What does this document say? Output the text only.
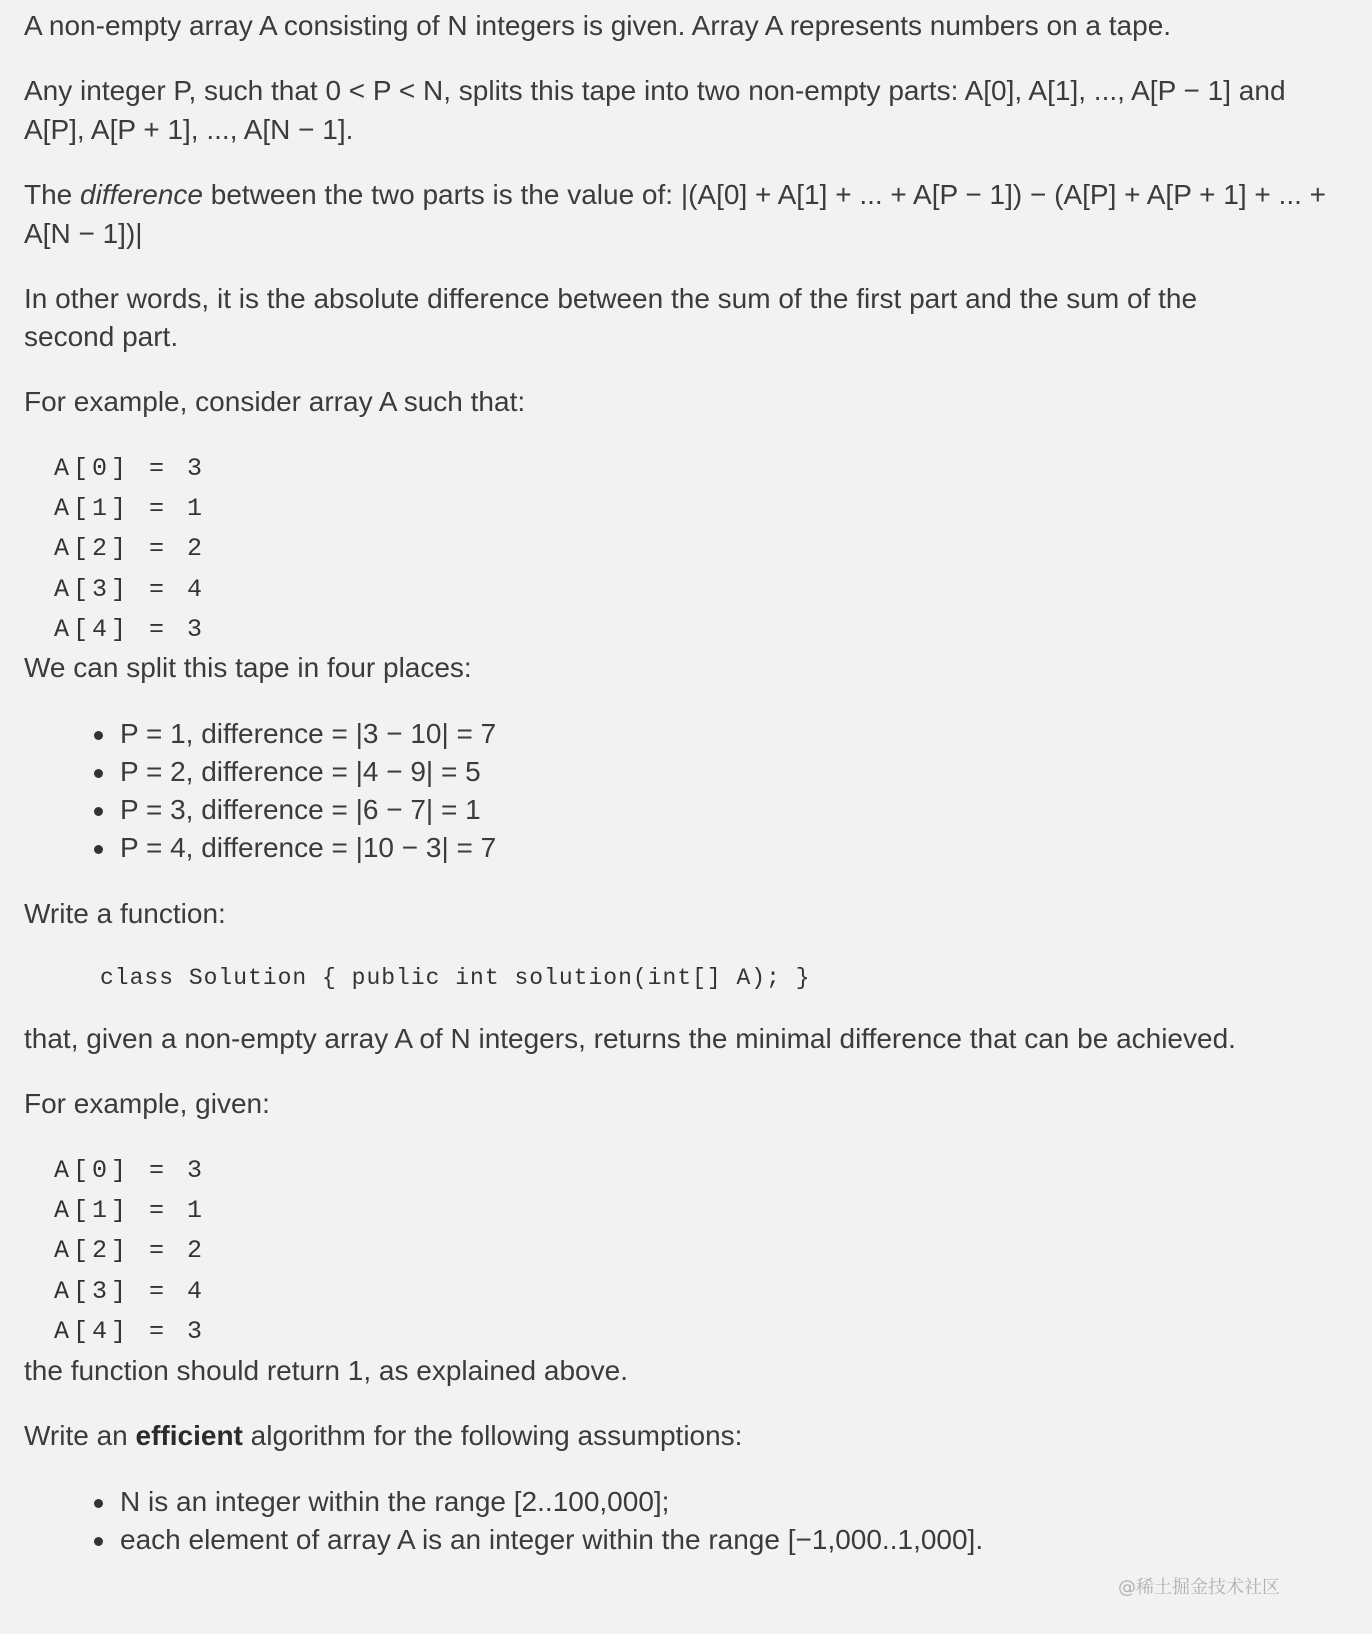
A non-empty array A consisting of N integers is given. Array A represents numbers on a tape.

Any integer P, such that 0 < P < N, splits this tape into two non-empty parts: A[0], A[1], ..., A[P − 1] and

A[P], A[P + 1], ..., A[N − 1].

The difference between the two parts is the value of: |(A[0] + A[1] + ... + A[P − 1]) − (A[P] + A[P + 1] + ... +

A[N − 1])|

In other words, it is the absolute difference between the sum of the first part and the sum of the

second part.

For example, consider array A such that:

A[0] = 3

A[1] = 1

A[2] = 2

A[3] = 4

A[4] = 3

We can split this tape in four places:

P = 1, difference = |3 − 10| = 7
P = 2, difference = |4 − 9| = 5
P = 3, difference = |6 − 7| = 1
P = 4, difference = |10 − 3| = 7

Write a function:

class Solution { public int solution(int[] A); }

that, given a non-empty array A of N integers, returns the minimal difference that can be achieved.

For example, given:

A[0] = 3

A[1] = 1

A[2] = 2

A[3] = 4

A[4] = 3

the function should return 1, as explained above.

Write an efficient algorithm for the following assumptions:

N is an integer within the range [2..100,000];
each element of array A is an integer within the range [−1,000..1,000].
@稀土掘金技术社区
